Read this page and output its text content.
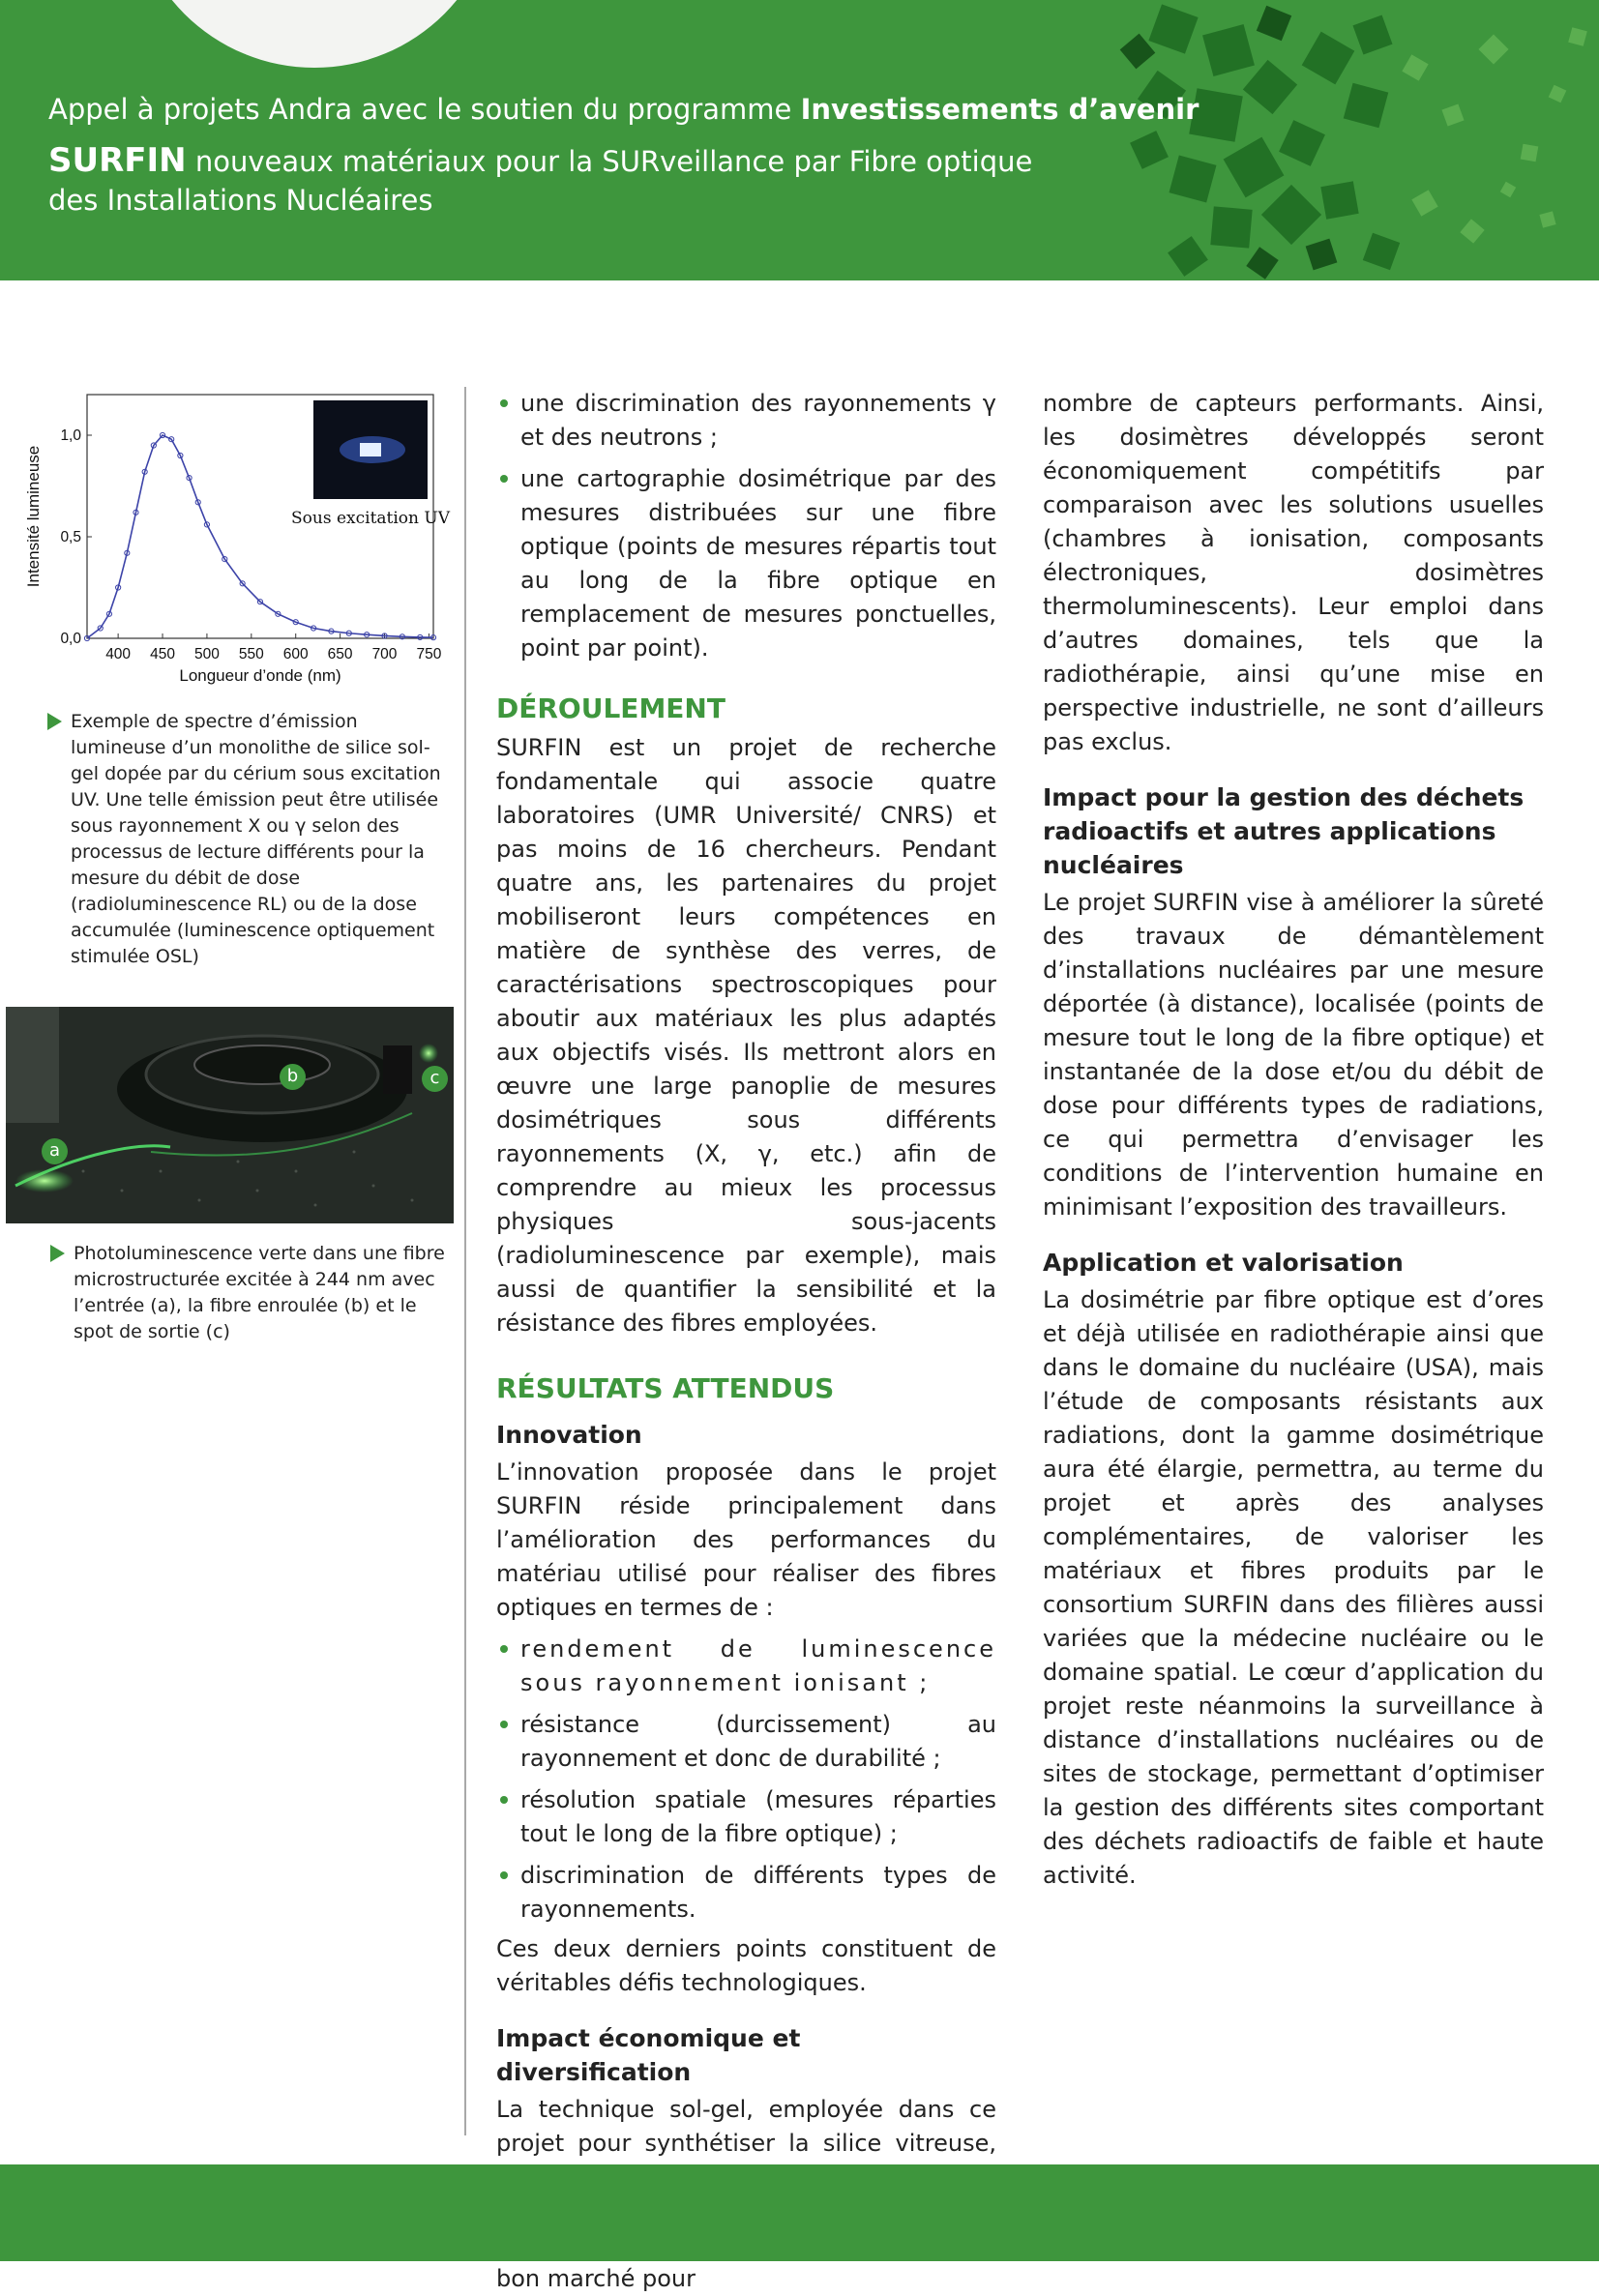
Appel à projets Andra avec le soutien du programme Investissements d’avenir
SURFIN nouveaux matériaux pour la SURveillance par Fibre optique
des Installations Nucléaires
Sous excitation UV
400 450 500 550 600 650 700 750
0,0
0,5
1,0
Longueur d’onde (nm)
Intensité lumineuse
Exemple de spectre d’émission lumineuse d’un monolithe de silice sol-gel dopée par du cérium sous excitation UV. Une telle émission peut être utilisée sous rayonnement X ou γ selon des processus de lecture différents pour la mesure du débit de dose (radioluminescence RL) ou de la dose accumulée (luminescence optiquement stimulée OSL)
a
b	c
Photoluminescence verte dans une fibre microstructurée excitée à 244 nm avec l’entrée (a), la fibre enroulée (b) et le spot de sortie (c)
une discrimination des rayonnements γ et des neutrons ;
une cartographie dosimétrique par des mesures distribuées sur une fibre optique (points de mesures répartis tout au long de la fibre optique en remplacement de mesures ponctuelles, point par point).
DÉROULEMENT

SURFIN est un projet de recherche fondamentale qui associe quatre laboratoires (UMR Université/ CNRS) et pas moins de 16 chercheurs. Pendant quatre ans, les partenaires du projet mobiliseront leurs compétences en matière de synthèse des verres, de caractérisations spectroscopiques pour aboutir aux matériaux les plus adaptés aux objectifs visés. Ils mettront alors en œuvre une large panoplie de mesures dosimétriques sous différents rayonnements (X, γ, etc.) afin de comprendre au mieux les processus physiques sous-jacents (radioluminescence par exemple), mais aussi de quantifier la sensibilité et la résistance des fibres employées.

RÉSULTATS ATTENDUS
Innovation

L’innovation proposée dans le projet SURFIN réside principalement dans l’amélioration des performances du matériau utilisé pour réaliser des fibres optiques en termes de :

rendement de luminescence sous rayonnement ionisant ;
résistance (durcissement) au rayonnement et donc de durabilité ;
résolution spatiale (mesures réparties tout le long de la fibre optique) ;
discrimination de différents types de rayonnements.

Ces deux derniers points constituent de véritables défis technologiques.

Impact économique et diversification

La technique sol-gel, employée dans ce projet pour synthétiser la silice vitreuse, bon marché pour

nombre de capteurs performants. Ainsi, les dosimètres développés seront économiquement compétitifs par comparaison avec les solutions usuelles (chambres à ionisation, composants électroniques, dosimètres thermoluminescents). Leur emploi dans d’autres domaines, tels que la radiothérapie, ainsi qu’une mise en perspective industrielle, ne sont d’ailleurs pas exclus.

Impact pour la gestion des déchets radioactifs et autres applications nucléaires

Le projet SURFIN vise à améliorer la sûreté des travaux de démantèlement d’installations nucléaires par une mesure déportée (à distance), localisée (points de mesure tout le long de la fibre optique) et instantanée de la dose et/ou du débit de dose pour différents types de radiations, ce qui permettra d’envisager les conditions de l’intervention humaine en minimisant l’exposition des travailleurs.

Application et valorisation

La dosimétrie par fibre optique est d’ores et déjà utilisée en radiothérapie ainsi que dans le domaine du nucléaire (USA), mais l’étude de composants résistants aux radiations, dont la gamme dosimétrique aura été élargie, permettra, au terme du projet et après des analyses complémentaires, de valoriser les matériaux et fibres produits par le consortium SURFIN dans des filières aussi variées que la médecine nucléaire ou le domaine spatial. Le cœur d’application du projet reste néanmoins la surveillance à distance d’installations nucléaires ou de sites de stockage, permettant d’optimiser la gestion des différents sites comportant des déchets radioactifs de faible et haute activité.
